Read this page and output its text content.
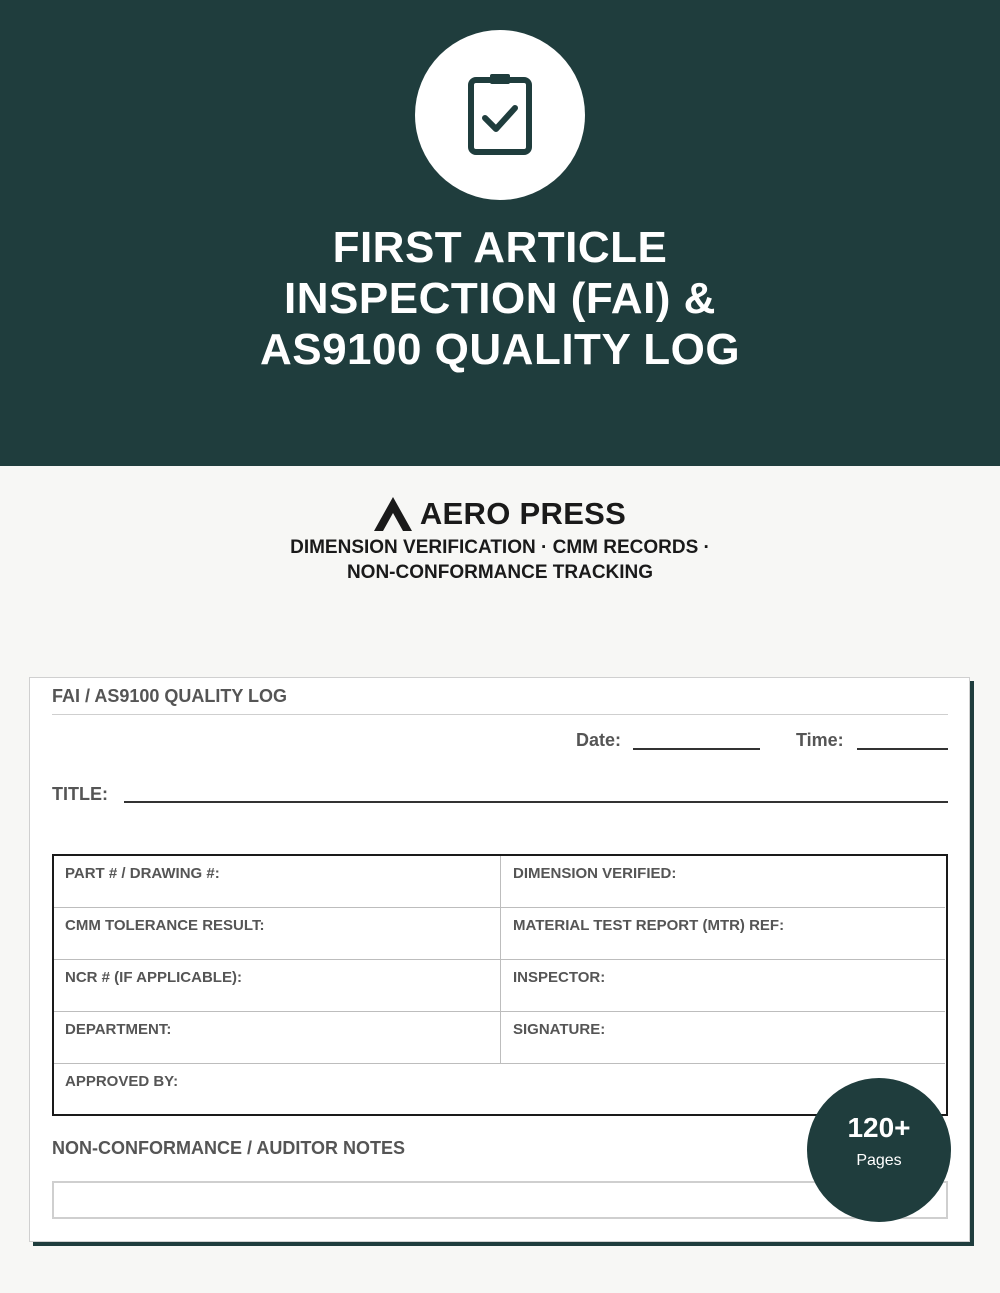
FIRST ARTICLE
INSPECTION (FAI) &
AS9100 QUALITY LOG
AERO PRESS
DIMENSION VERIFICATION · CMM RECORDS ·
NON-CONFORMANCE TRACKING
FAI / AS9100 QUALITY LOG
Date:	Time:
TITLE:
PART # / DRAWING #:	DIMENSION VERIFIED:
CMM TOLERANCE RESULT:	MATERIAL TEST REPORT (MTR) REF:
NCR # (IF APPLICABLE):	INSPECTOR:
DEPARTMENT:	SIGNATURE:
APPROVED BY:
NON-CONFORMANCE / AUDITOR NOTES
120+
Pages
